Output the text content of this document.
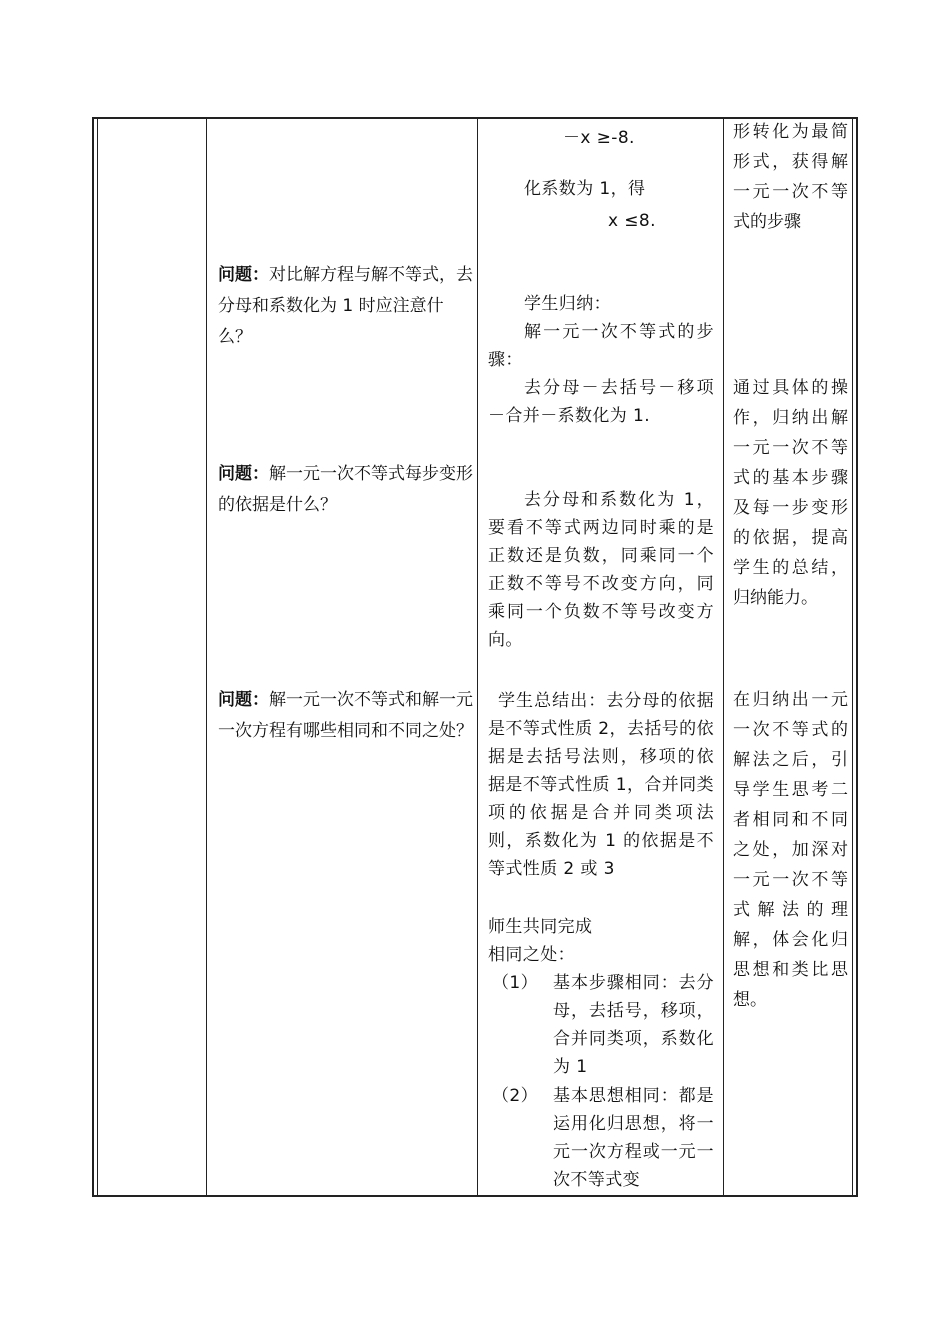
－x ≥-8.
化系数为 1，得
x ≤8.
学生归纳：
解一元一次不等式的步骤：
去分母－去括号－移项－合并－系数化为 1.
去分母和系数化为 1，要看不等式两边同时乘的是正数还是负数，同乘同一个正数不等号不改变方向，同乘同一个负数不等号改变方向。
学生总结出：去分母的依据是不等式性质 2，去括号的依据是去括号法则，移项的依据是不等式性质 1，合并同类项的依据是合并同类项法则，系数化为 1 的依据是不等式性质 2 或 3
师生共同完成
相同之处：
（1） 基本步骤相同：去分母，去括号，移项，合并同类项，系数化为 1
（2） 基本思想相同：都是运用化归思想，将一元一次方程或一元一次不等式变
问题：对比解方程与解不等式，去分母和系数化为 1 时应注意什么？
问题：解一元一次不等式每步变形的依据是什么？
问题：解一元一次不等式和解一元一次方程有哪些相同和不同之处？
形转化为最简形式，获得解一元一次不等式的步骤
通过具体的操作，归纳出解一元一次不等式的基本步骤及每一步变形的依据，提高学生的总结，归纳能力。
在归纳出一元一次不等式的解法之后，引导学生思考二者相同和不同之处，加深对一元一次不等式解法的理解，体会化归思想和类比思想。
